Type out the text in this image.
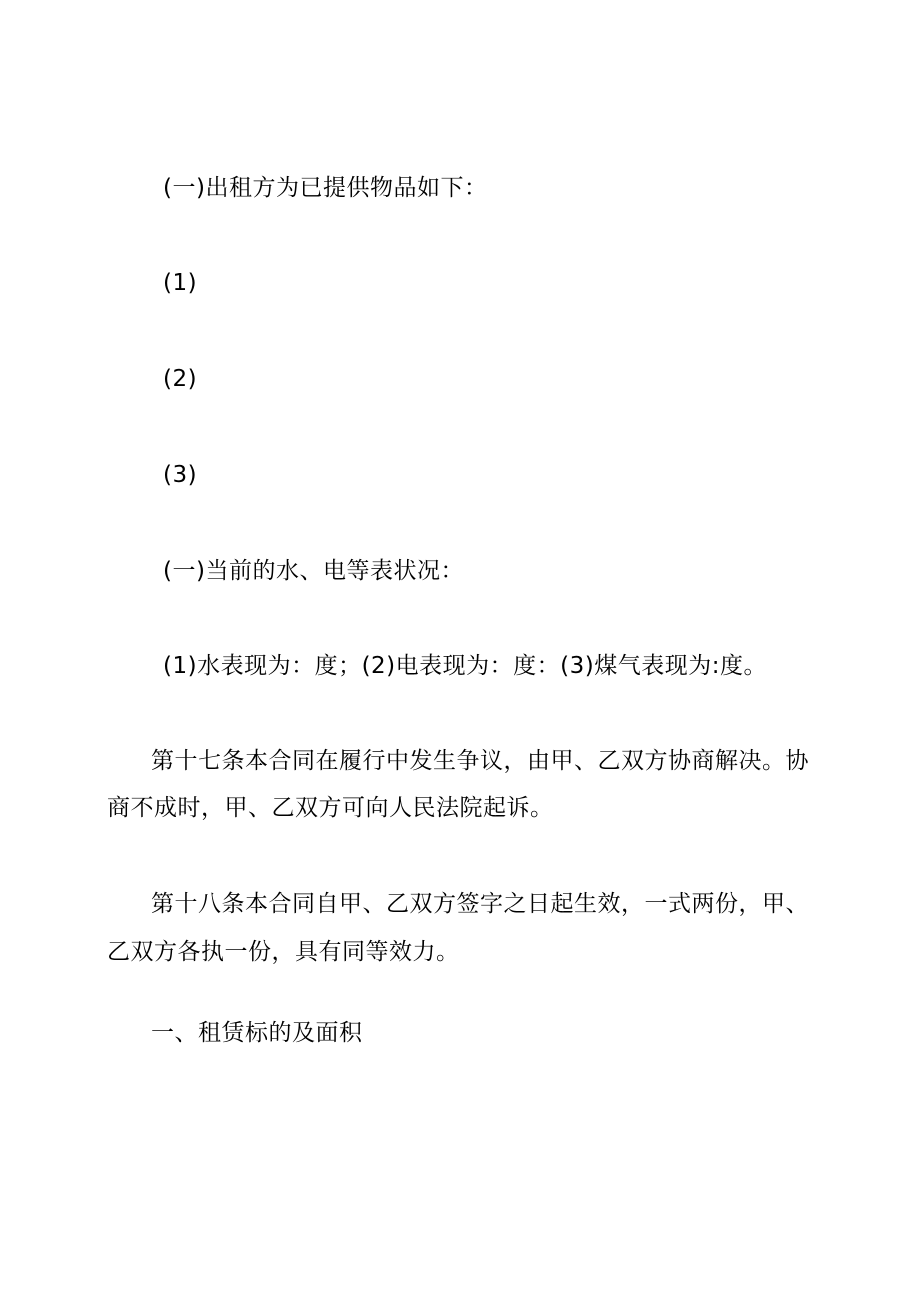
(一)出租方为已提供物品如下：
(1)
(2)
(3)
(一)当前的水、电等表状况：
(1)水表现为：度；(2)电表现为：度：(3)煤气表现为:度。
第十七条本合同在履行中发生争议，由甲、乙双方协商解决。协
商不成时，甲、乙双方可向人民法院起诉。
第十八条本合同自甲、乙双方签字之日起生效，一式两份，甲、
乙双方各执一份，具有同等效力。
一、租赁标的及面积
